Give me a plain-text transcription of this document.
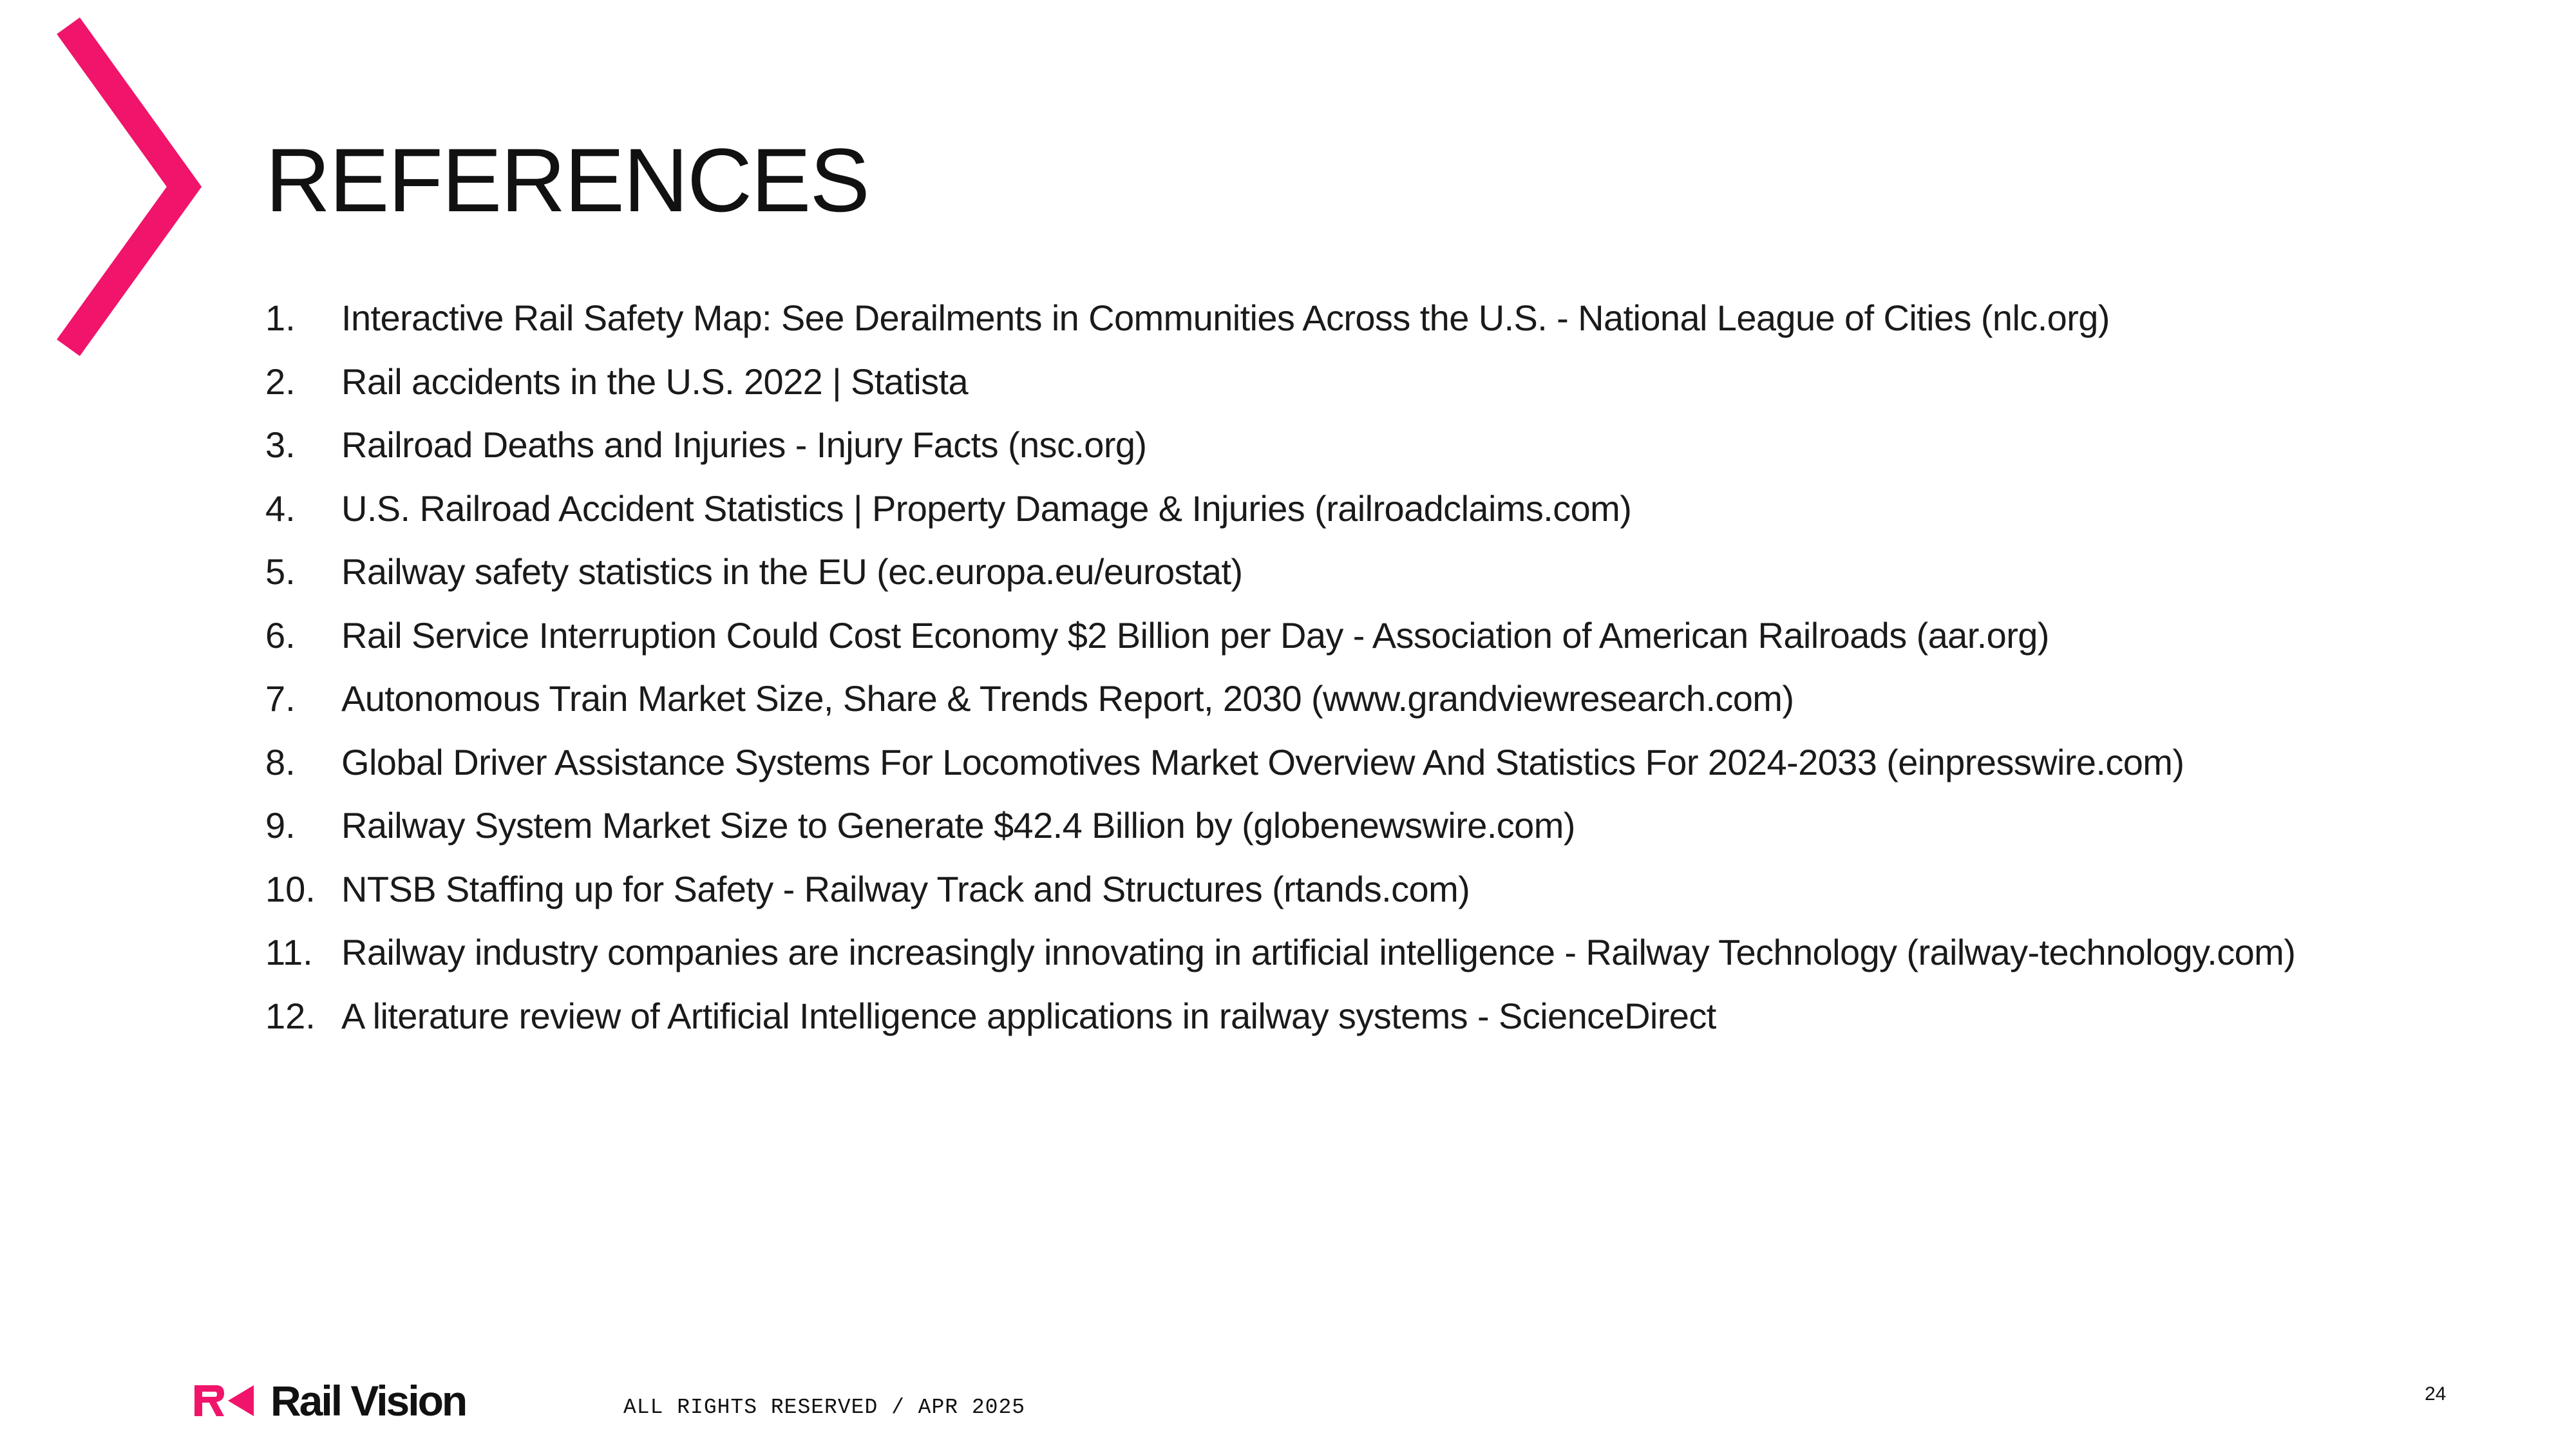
REFERENCES
1.	Interactive Rail Safety Map: See Derailments in Communities Across the U.S. - National League of Cities (nlc.org)
2.	Rail accidents in the U.S. 2022 | Statista
3.	Railroad Deaths and Injuries - Injury Facts (nsc.org)
4.	U.S. Railroad Accident Statistics | Property Damage & Injuries (railroadclaims.com)
5.	Railway safety statistics in the EU (ec.europa.eu/eurostat)
6.	Rail Service Interruption Could Cost Economy $2 Billion per Day - Association of American Railroads (aar.org)
7.	Autonomous Train Market Size, Share & Trends Report, 2030 (www.grandviewresearch.com)
8.	Global Driver Assistance Systems For Locomotives Market Overview And Statistics For 2024-2033 (einpresswire.com)
9.	Railway System Market Size to Generate $42.4 Billion by (globenewswire.com)
10. NTSB Staffing up for Safety - Railway Track and Structures (rtands.com)
11. Railway industry companies are increasingly innovating in artificial intelligence - Railway Technology (railway-technology.com)
12. A literature review of Artificial Intelligence applications in railway systems - ScienceDirect
Rail Vision	ALL RIGHTS RESERVED / APR 2025
24
